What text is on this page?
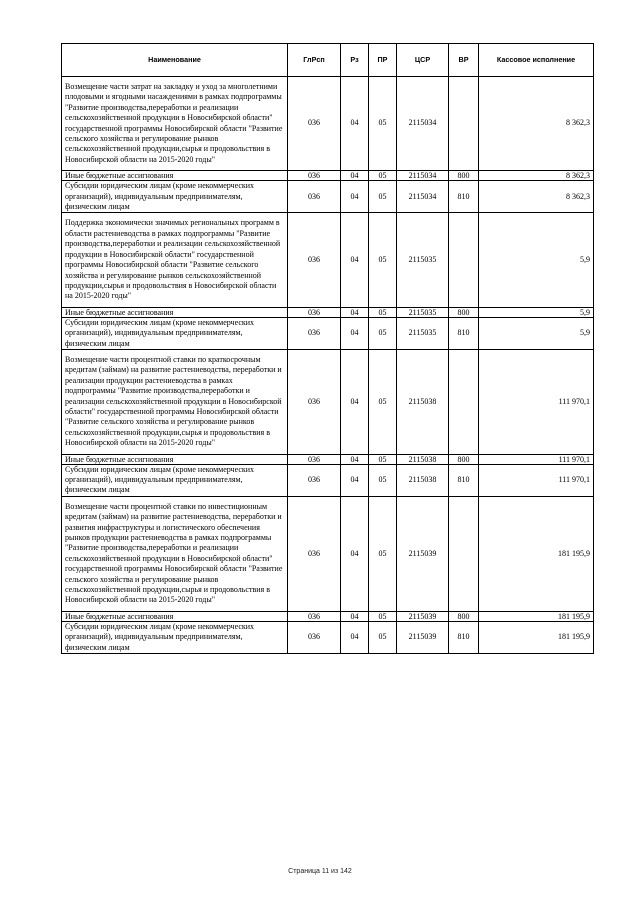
Наименование	ГлРсп	Рз	ПР	ЦСР	ВР	Кассовое исполнение
Возмещение части затрат на закладку и уход за многолетними плодовыми и ягодными насаждениями в рамках подпрограммы "Развитие производства,переработки и реализации сельскохозяйственной продукции в Новосибирской области" государственной программы Новосибирской области "Развитие сельского хозяйства и регулирование рынков сельскохозяйственной продукции,сырья и продовольствия в Новосибирской области на 2015-2020 годы"	036	04	05	2115034		8 362,3
Иные бюджетные ассигнования	036	04	05	2115034	800	8 362,3
Субсидии юридическим лицам (кроме некоммерческих организаций), индивидуальным предпринимателям, физическим лицам	036	04	05	2115034	810	8 362,3
Поддержка экономически значимых региональных программ в области растениеводства в рамках подпрограммы "Развитие производства,переработки и реализации сельскохозяйственной продукции в Новосибирской области" государственной программы Новосибирской области "Развитие сельского хозяйства и регулирование рынков сельскохозяйственной продукции,сырья и продовольствия в Новосибирской области на 2015-2020 годы"	036	04	05	2115035		5,9
Иные бюджетные ассигнования	036	04	05	2115035	800	5,9
Субсидии юридическим лицам (кроме некоммерческих организаций), индивидуальным предпринимателям, физическим лицам	036	04	05	2115035	810	5,9
Возмещение части процентной ставки по краткосрочным кредитам (займам) на развитие растениеводства, переработки и реализации продукции растениеводства в рамках подпрограммы "Развитие производства,переработки и реализации сельскохозяйственной продукции в Новосибирской области" государственной программы Новосибирской области "Развитие сельского хозяйства и регулирование рынков сельскохозяйственной продукции,сырья и продовольствия в Новосибирской области на 2015-2020 годы"	036	04	05	2115038		111 970,1
Иные бюджетные ассигнования	036	04	05	2115038	800	111 970,1
Субсидии юридическим лицам (кроме некоммерческих организаций), индивидуальным предпринимателям, физическим лицам	036	04	05	2115038	810	111 970,1
Возмещение части процентной ставки по инвестиционным кредитам (займам) на развитие растениеводства, переработки и развития инфраструктуры и логистического обеспечения рынков продукции растениеводства в рамках подпрограммы "Развитие производства,переработки и реализации сельскохозяйственной продукции в Новосибирской области" государственной программы Новосибирской области "Развитие сельского хозяйства и регулирование рынков сельскохозяйственной продукции,сырья и продовольствия в Новосибирской области на 2015-2020 годы"	036	04	05	2115039		181 195,9
Иные бюджетные ассигнования	036	04	05	2115039	800	181 195,9
Субсидии юридическим лицам (кроме некоммерческих организаций), индивидуальным предпринимателям, физическим лицам	036	04	05	2115039	810	181 195,9
Страница 11 из 142
